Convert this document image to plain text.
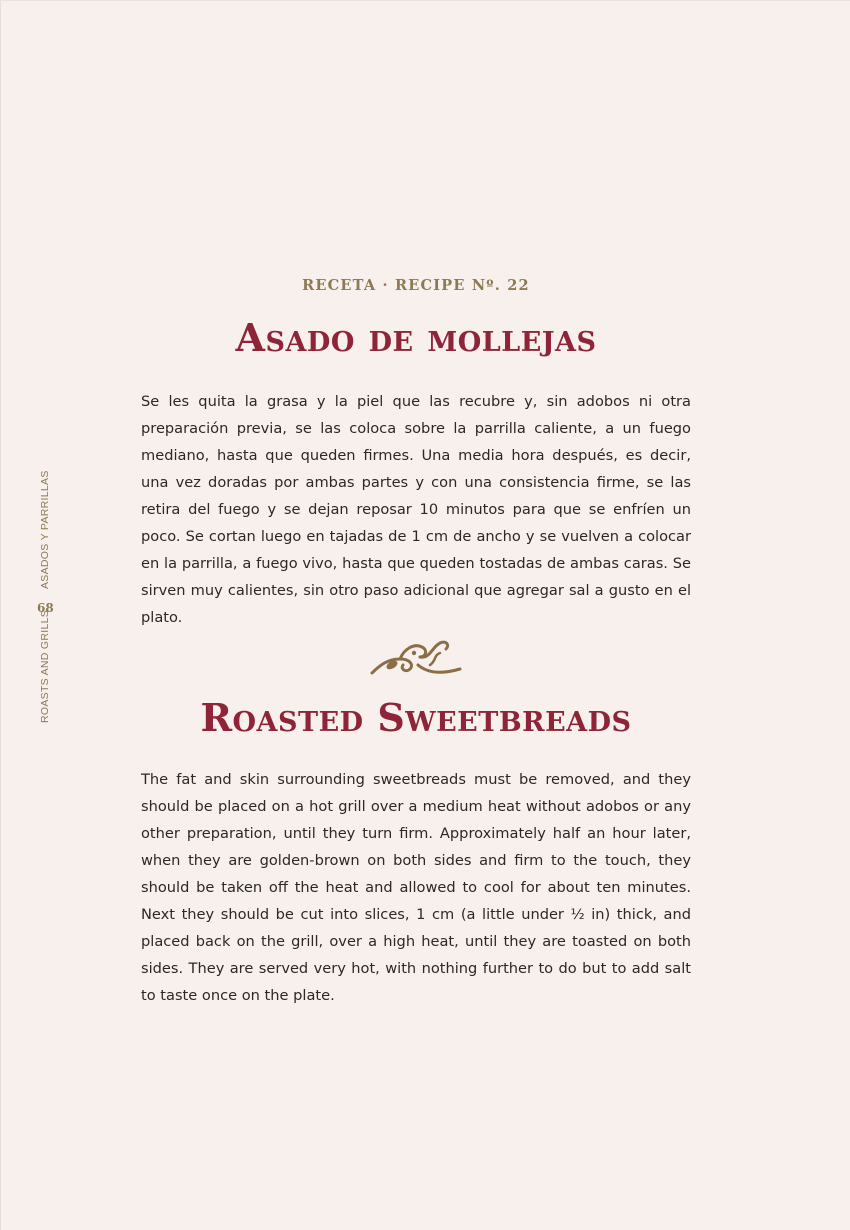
ASADOS Y PARRILLAS
68
ROASTS AND GRILLS
RECETA · RECIPE Nº. 22
Asado de mollejas

Se les quita la grasa y la piel que las recubre y, sin adobos ni otra preparación previa, se las coloca sobre la parrilla caliente, a un fuego mediano, hasta que queden firmes. Una media hora después, es decir, una vez doradas por ambas partes y con una consistencia firme, se las retira del fuego y se dejan reposar 10 minutos para que se enfríen un poco. Se cortan luego en tajadas de 1 cm de ancho y se vuelven a colocar en la parrilla, a fuego vivo, hasta que queden tostadas de ambas caras. Se sirven muy calientes, sin otro paso adicional que agregar sal a gusto en el plato.

Roasted Sweetbreads

The fat and skin surrounding sweetbreads must be removed, and they should be placed on a hot grill over a medium heat without adobos or any other preparation, until they turn firm. Approximately half an hour later, when they are golden-brown on both sides and firm to the touch, they should be taken off the heat and allowed to cool for about ten minutes. Next they should be cut into slices, 1 cm (a little under ½ in) thick, and placed back on the grill, over a high heat, until they are toasted on both sides. They are served very hot, with nothing further to do but to add salt to taste once on the plate.
